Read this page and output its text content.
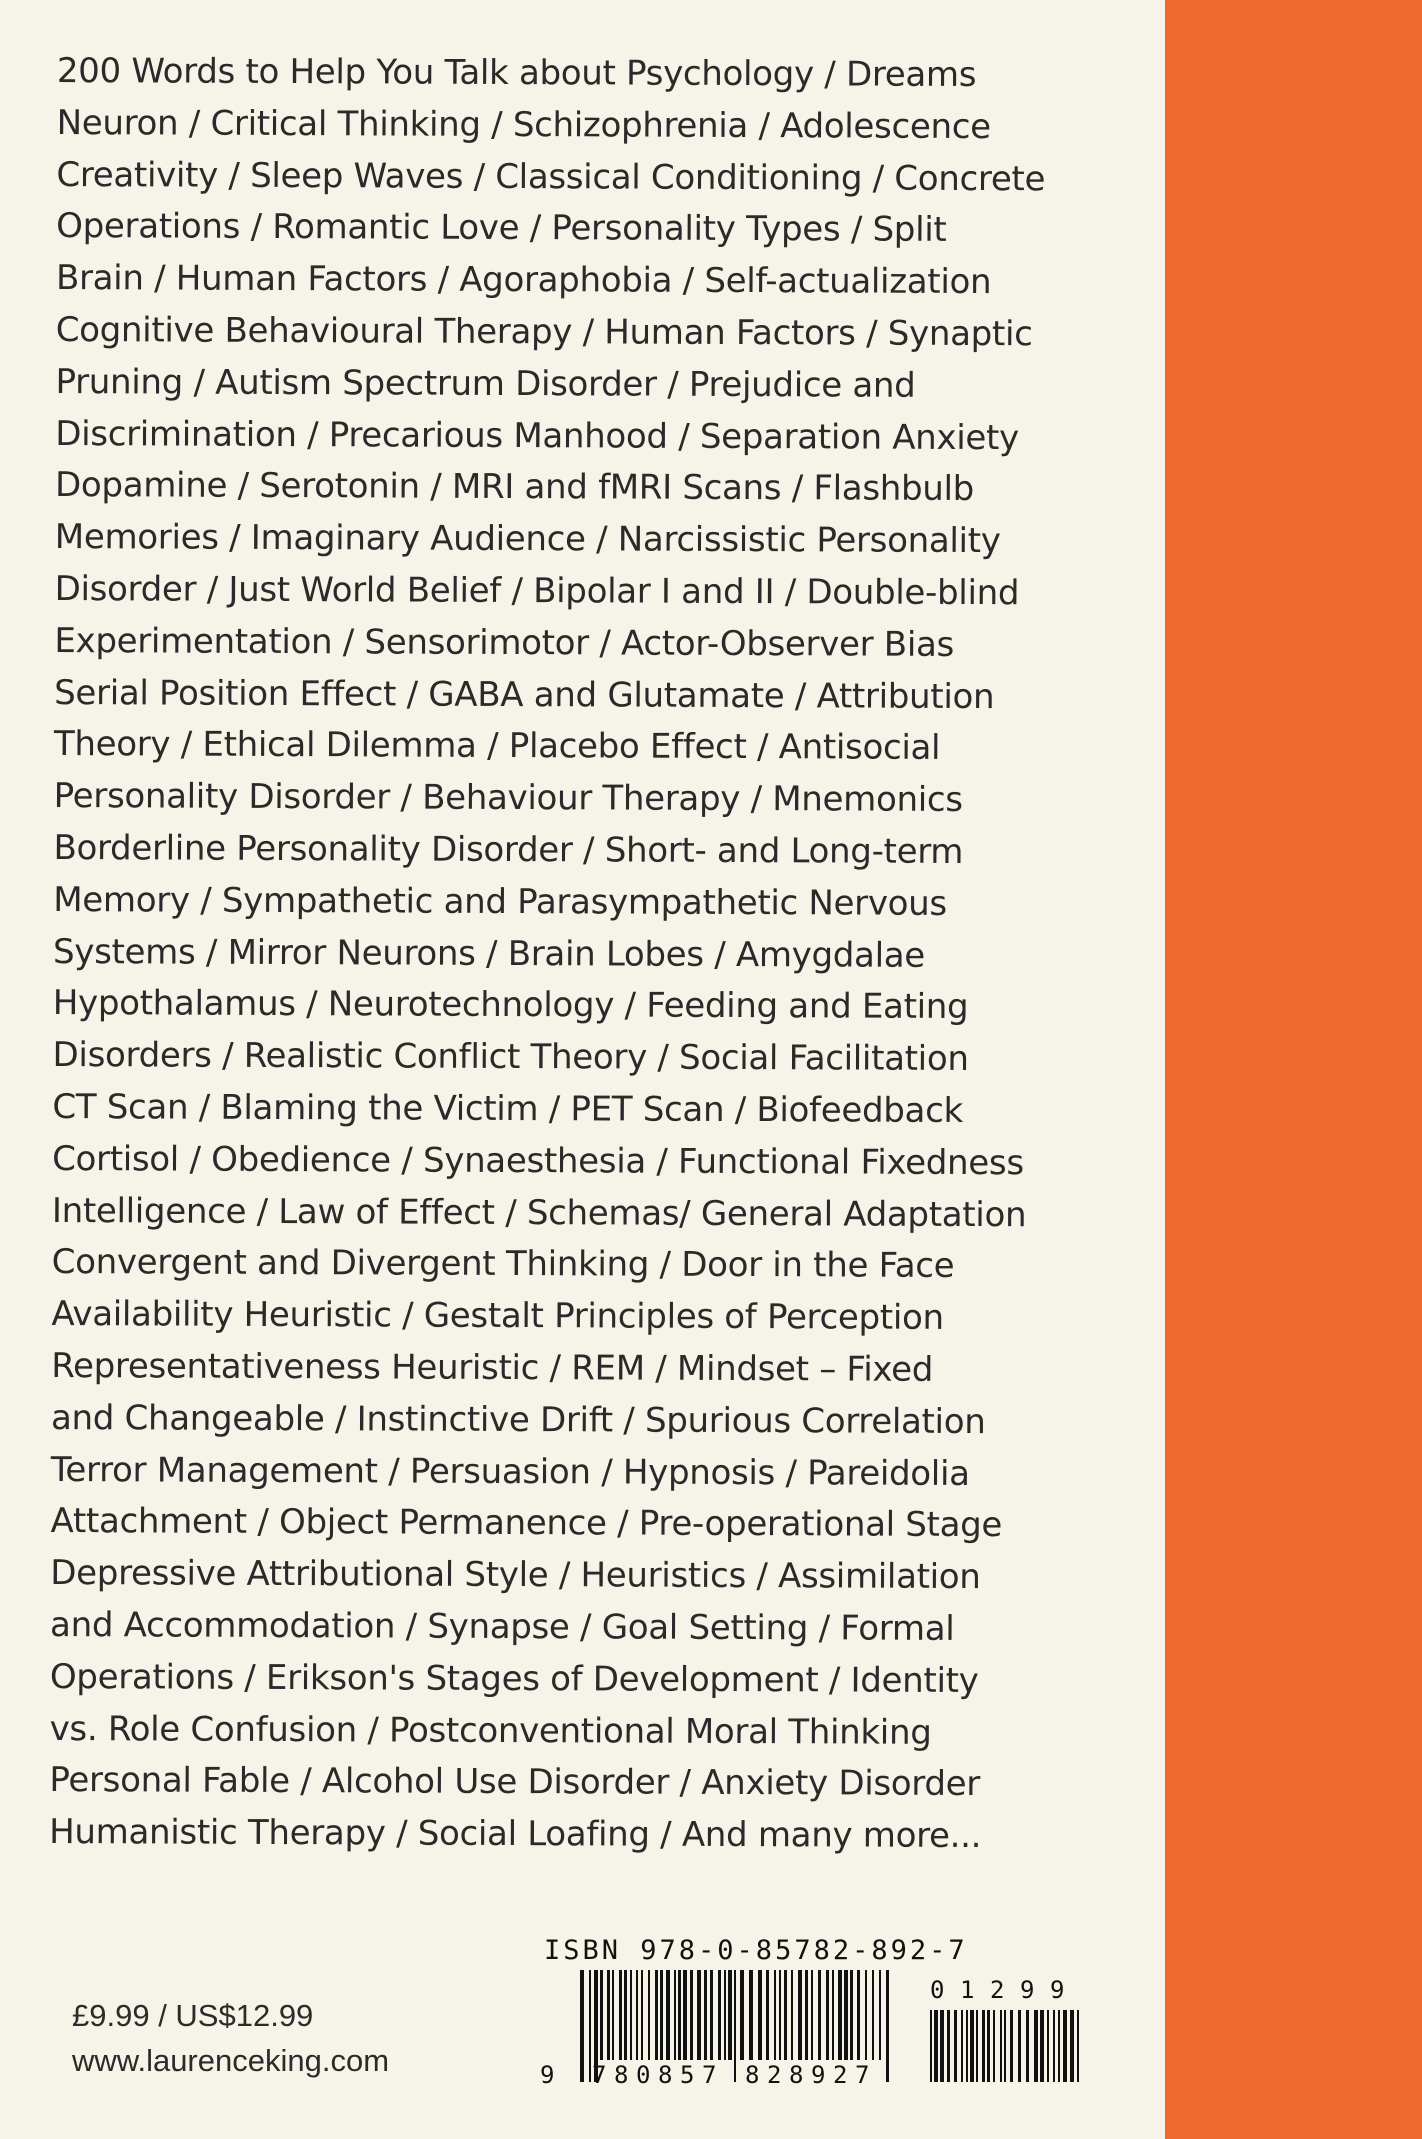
200 Words to Help You Talk about Psychology / Dreams
Neuron / Critical Thinking / Schizophrenia / Adolescence
Creativity / Sleep Waves / Classical Conditioning / Concrete
Operations / Romantic Love / Personality Types / Split
Brain / Human Factors / Agoraphobia / Self-actualization
Cognitive Behavioural Therapy / Human Factors / Synaptic
Pruning / Autism Spectrum Disorder / Prejudice and
Discrimination / Precarious Manhood / Separation Anxiety
Dopamine / Serotonin / MRI and fMRI Scans / Flashbulb
Memories / Imaginary Audience / Narcissistic Personality
Disorder / Just World Belief / Bipolar I and II / Double-blind
Experimentation / Sensorimotor / Actor-Observer Bias
Serial Position Effect / GABA and Glutamate / Attribution
Theory / Ethical Dilemma / Placebo Effect / Antisocial
Personality Disorder / Behaviour Therapy / Mnemonics
Borderline Personality Disorder / Short- and Long-term
Memory / Sympathetic and Parasympathetic Nervous
Systems / Mirror Neurons / Brain Lobes / Amygdalae
Hypothalamus / Neurotechnology / Feeding and Eating
Disorders / Realistic Conflict Theory / Social Facilitation
CT Scan / Blaming the Victim / PET Scan / Biofeedback
Cortisol / Obedience / Synaesthesia / Functional Fixedness
Intelligence / Law of Effect / Schemas/ General Adaptation
Convergent and Divergent Thinking / Door in the Face
Availability Heuristic / Gestalt Principles of Perception
Representativeness Heuristic / REM / Mindset – Fixed
and Changeable / Instinctive Drift / Spurious Correlation
Terror Management / Persuasion / Hypnosis / Pareidolia
Attachment / Object Permanence / Pre-operational Stage
Depressive Attributional Style / Heuristics / Assimilation
and Accommodation / Synapse / Goal Setting / Formal
Operations / Erikson's Stages of Development / Identity
vs. Role Confusion / Postconventional Moral Thinking
Personal Fable / Alcohol Use Disorder / Anxiety Disorder
Humanistic Therapy / Social Loafing / And many more...
£9.99 / US$12.99
www.laurenceking.com
ISBN 978-0-85782-892-7
9 7 8 0 8 5 7 8 2 8 9 2 7
0 1 2 9 9
